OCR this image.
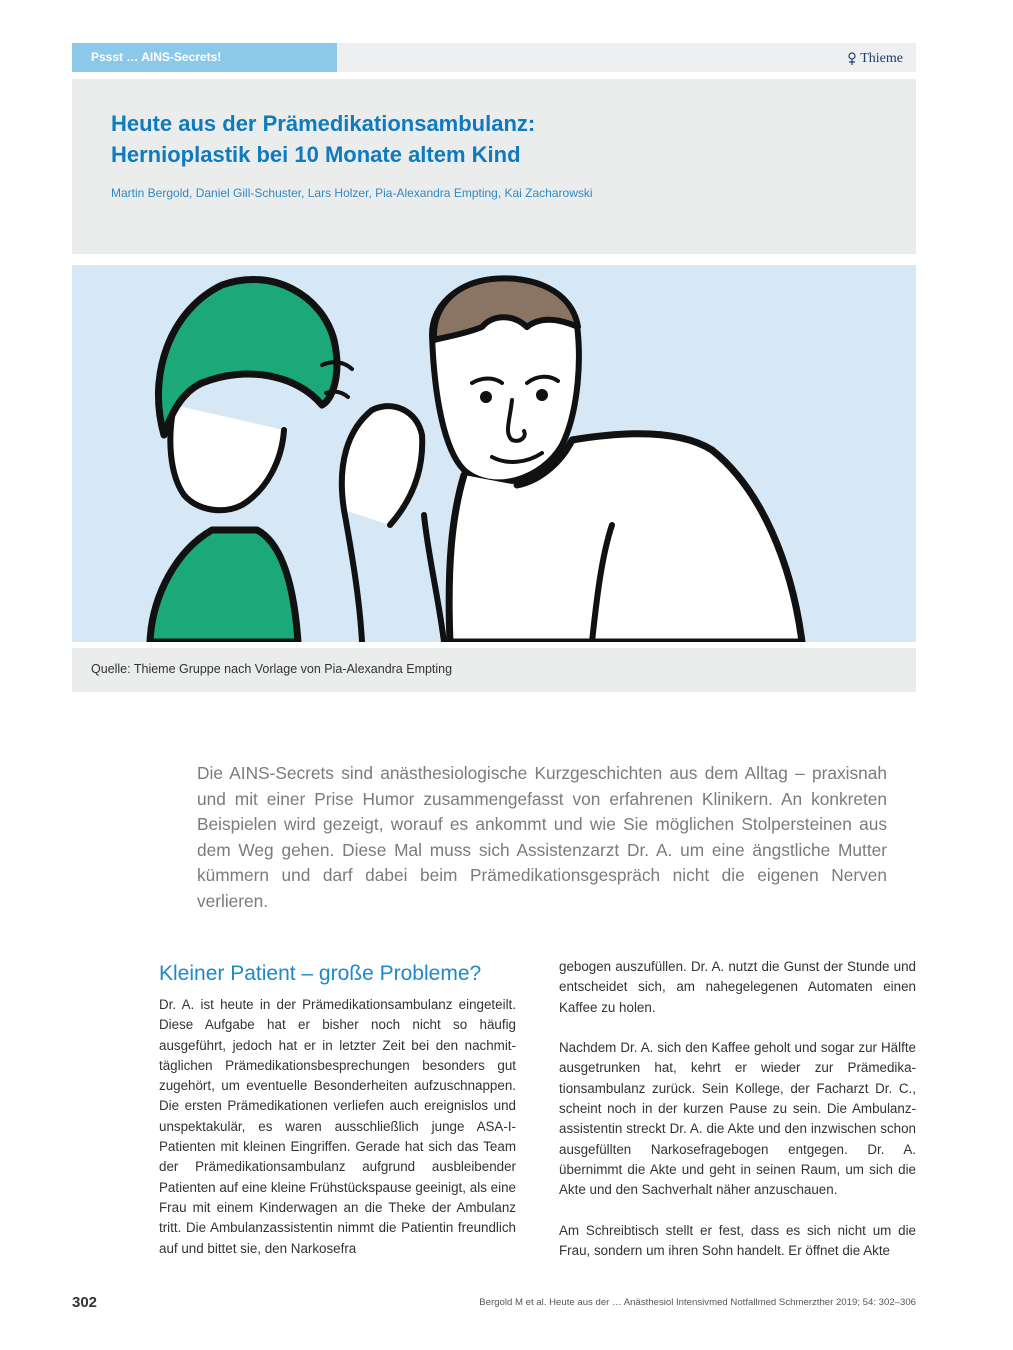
Pssst … AINS-Secrets!	Thieme
Heute aus der Prämedikationsambulanz:
Hernioplastik bei 10 Monate altem Kind
Martin Bergold, Daniel Gill-Schuster, Lars Holzer, Pia-Alexandra Empting, Kai Zacharowski
Quelle: Thieme Gruppe nach Vorlage von Pia-Alexandra Empting

Die AINS-Secrets sind anästhesiologische Kurzgeschichten aus dem Alltag – praxisnah und mit einer Prise Humor zusammengefasst von erfahrenen Klinikern. An konkreten Beispielen wird gezeigt, worauf es ankommt und wie Sie möglichen Stolpersteinen aus dem Weg gehen. Diese Mal muss sich Assistenzarzt Dr. A. um eine ängstliche Mutter kümmern und darf dabei beim Prämedikationsgespräch nicht die eigenen Nerven verlieren.

Kleiner Patient – große Probleme?

Dr. A. ist heute in der Prämedikationsambulanz eingeteilt. Diese Aufgabe hat er bisher noch nicht so häufig ausgeführt, jedoch hat er in letzter Zeit bei den nachmittäglichen Prämedikationsbesprechungen besonders gut zugehört, um eventuelle Besonderheiten aufzuschnappen. Die ersten Prämedikationen verliefen auch ereignislos und unspektakulär, es waren ausschließlich junge ASA-I-Patienten mit kleinen Eingriffen. Gerade hat sich das Team der Prämedikationsambulanz aufgrund ausbleibender Patienten auf eine kleine Frühstückspause geeinigt, als eine Frau mit einem Kinderwagen an die Theke der Ambulanz tritt. Die Ambulanzassistentin nimmt die Patientin freundlich auf und bittet sie, den Narkosefra

gebogen auszufüllen. Dr. A. nutzt die Gunst der Stunde und entscheidet sich, am nahegelegenen Automaten einen Kaffee zu holen.

Nachdem Dr. A. sich den Kaffee geholt und sogar zur Hälfte ausgetrunken hat, kehrt er wieder zur Prämedikationsambulanz zurück. Sein Kollege, der Facharzt Dr. C., scheint noch in der kurzen Pause zu sein. Die Ambulanzassistentin streckt Dr. A. die Akte und den inzwischen schon ausgefüllten Narkosefragebogen entgegen. Dr. A. übernimmt die Akte und geht in seinen Raum, um sich die Akte und den Sachverhalt näher anzuschauen.

Am Schreibtisch stellt er fest, dass es sich nicht um die Frau, sondern um ihren Sohn handelt. Er öffnet die Akte

302	Bergold M et al. Heute aus der … Anästhesiol Intensivmed Notfallmed Schmerzther 2019; 54: 302–306
